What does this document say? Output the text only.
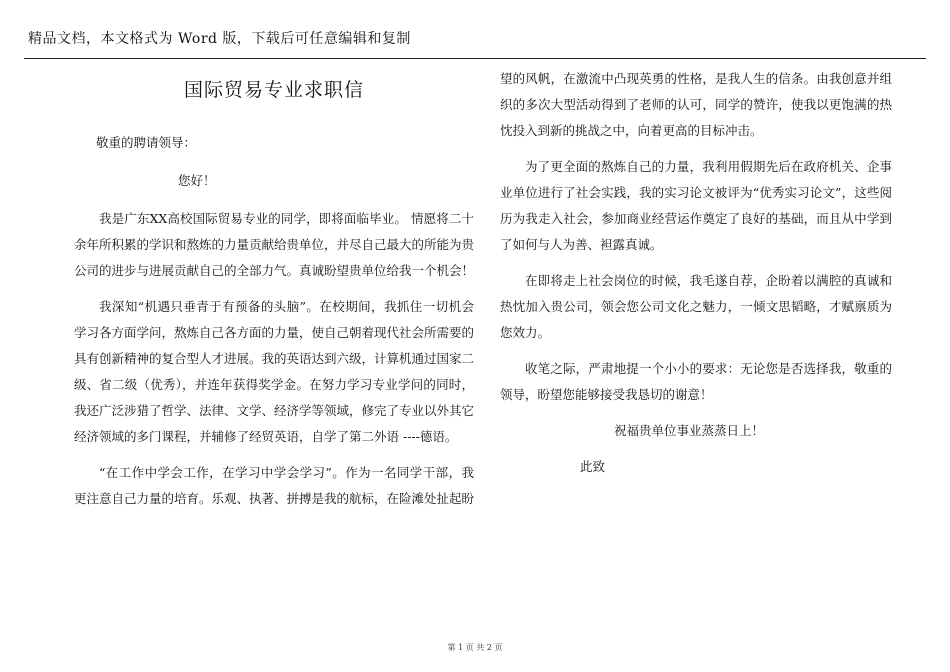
精品文档，本文格式为 Word 版，下载后可任意编辑和复制
国际贸易专业求职信
敬重的聘请领导：
您好！
我是广东XX高校国际贸易专业的同学，即将面临毕业。 情愿将二十余年所积累的学识和熬炼的力量贡献给贵单位，并尽自己最大的所能为贵公司的进步与进展贡献自己的全部力气。真诚盼望贵单位给我一个机会！
我深知“机遇只垂青于有预备的头脑”。在校期间，我抓住一切机会学习各方面学问，熬炼自己各方面的力量，使自己朝着现代社会所需要的具有创新精神的复合型人才进展。我的英语达到六级，计算机通过国家二级、省二级（优秀），并连年获得奖学金。在努力学习专业学问的同时，我还广泛涉猎了哲学、法律、文学、经济学等领域，修完了专业以外其它经济领域的多门课程，并辅修了经贸英语，自学了第二外语 ----德语。
“在工作中学会工作，在学习中学会学习”。作为一名同学干部，我更注意自己力量的培育。乐观、执著、拼搏是我的航标，在险滩处扯起盼
望的风帆，在激流中凸现英勇的性格，是我人生的信条。由我创意并组织的多次大型活动得到了老师的认可，同学的赞许，使我以更饱满的热忱投入到新的挑战之中，向着更高的目标冲击。
为了更全面的熬炼自己的力量，我利用假期先后在政府机关、企事业单位进行了社会实践，我的实习论文被评为“优秀实习论文”，这些阅历为我走入社会，参加商业经营运作奠定了良好的基础，而且从中学到了如何与人为善、袒露真诚。
在即将走上社会岗位的时候，我毛遂自荐，企盼着以满腔的真诚和热忱加入贵公司，领会您公司文化之魅力，一倾文思韬略，才赋禀质为您效力。
收笔之际，严肃地提一个小小的要求：无论您是否选择我，敬重的领导，盼望您能够接受我恳切的谢意！
祝福贵单位事业蒸蒸日上！
此致
第 1 页 共 2 页
